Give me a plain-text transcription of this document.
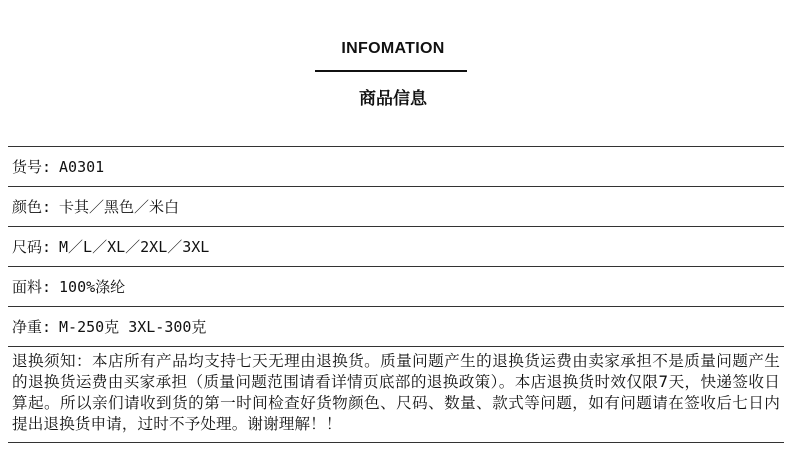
INFOMATION
商品信息
货号: A0301
颜色: 卡其／黑色／米白
尺码: M／L／XL／2XL／3XL
面料: 100%涤纶
净重: M-250克 3XL-300克
退换须知：本店所有产品均支持七天无理由退换货。质量问题产生的退换货运费由卖家承担不是质量问题产生的退换货运费由买家承担（质量问题范围请看详情页底部的退换政策）。本店退换货时效仅限7天，快递签收日算起。所以亲们请收到货的第一时间检查好货物颜色、尺码、数量、款式等问题，如有问题请在签收后七日内提出退换货申请，过时不予处理。谢谢理解！！
